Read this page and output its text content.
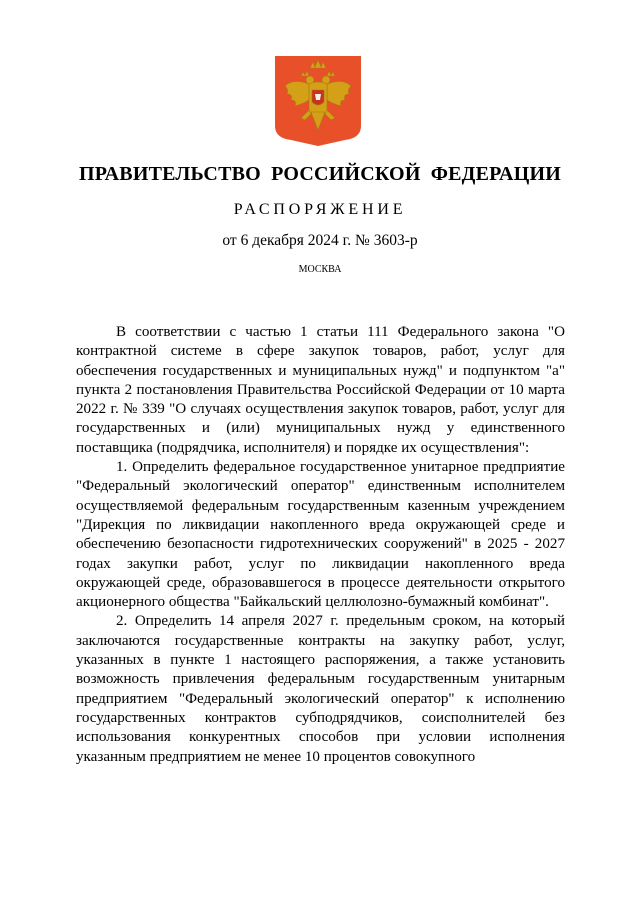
ПРАВИТЕЛЬСТВО РОССИЙСКОЙ ФЕДЕРАЦИИ
РАСПОРЯЖЕНИЕ
от 6 декабря 2024 г. № 3603-р
МОСКВА

В соответствии с частью 1 статьи 111 Федерального закона "О контрактной системе в сфере закупок товаров, работ, услуг для обеспечения государственных и муниципальных нужд" и подпунктом "а" пункта 2 постановления Правительства Российской Федерации от 10 марта 2022 г. № 339 "О случаях осуществления закупок товаров, работ, услуг для государственных и (или) муниципальных нужд у единственного поставщика (подрядчика, исполнителя) и порядке их осуществления":

1. Определить федеральное государственное унитарное предприятие "Федеральный экологический оператор" единственным исполнителем осуществляемой федеральным государственным казенным учреждением "Дирекция по ликвидации накопленного вреда окружающей среде и обеспечению безопасности гидротехнических сооружений" в 2025 - 2027 годах закупки работ, услуг по ликвидации накопленного вреда окружающей среде, образовавшегося в процессе деятельности открытого акционерного общества "Байкальский целлюлозно-бумажный комбинат".

2. Определить 14 апреля 2027 г. предельным сроком, на который заключаются государственные контракты на закупку работ, услуг, указанных в пункте 1 настоящего распоряжения, а также установить возможность привлечения федеральным государственным унитарным предприятием "Федеральный экологический оператор" к исполнению государственных контрактов субподрядчиков, соисполнителей без использования конкурентных способов при условии исполнения указанным предприятием не менее 10 процентов совокупного
